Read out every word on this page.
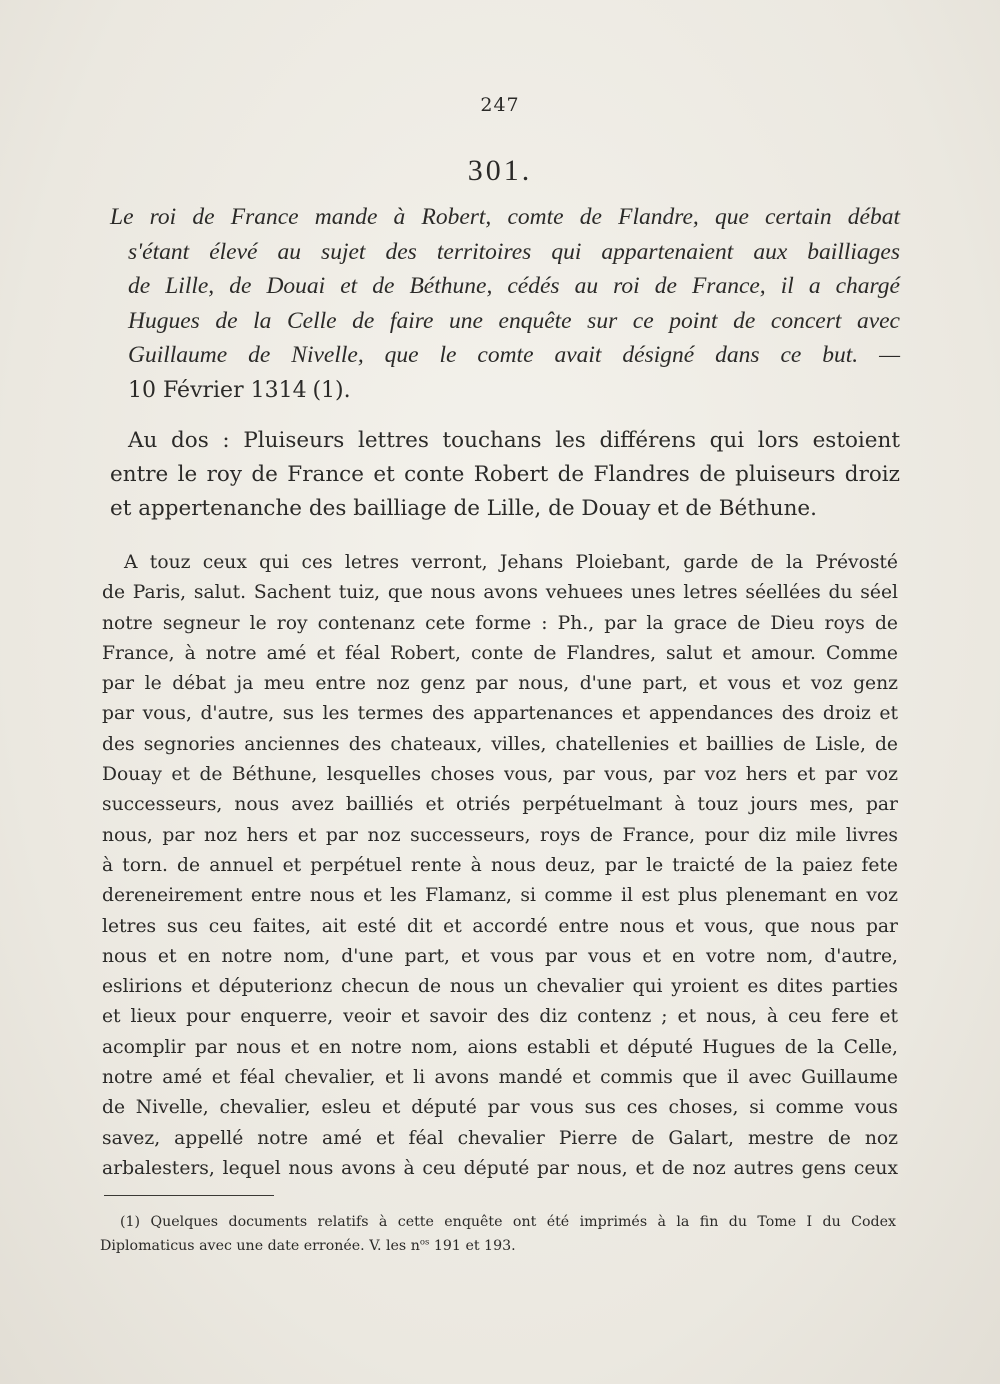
247
301.
Le roi de France mande à Robert, comte de Flandre, que certain débat
s'étant élevé au sujet des territoires qui appartenaient aux bailliages
de Lille, de Douai et de Béthune, cédés au roi de France, il a chargé
Hugues de la Celle de faire une enquête sur ce point de concert avec
Guillaume de Nivelle, que le comte avait désigné dans ce but. —
10 Février 1314 (1).
Au dos : Pluiseurs lettres touchans les différens qui lors estoient
entre le roy de France et conte Robert de Flandres de pluiseurs droiz
et appertenanche des bailliage de Lille, de Douay et de Béthune.
A touz ceux qui ces letres verront, Jehans Ploiebant, garde de la Prévosté
de Paris, salut. Sachent tuiz, que nous avons vehuees unes letres séellées du séel
notre segneur le roy contenanz cete forme : Ph., par la grace de Dieu roys de
France, à notre amé et féal Robert, conte de Flandres, salut et amour. Comme
par le débat ja meu entre noz genz par nous, d'une part, et vous et voz genz
par vous, d'autre, sus les termes des appartenances et appendances des droiz et
des segnories anciennes des chateaux, villes, chatellenies et baillies de Lisle, de
Douay et de Béthune, lesquelles choses vous, par vous, par voz hers et par voz
successeurs, nous avez bailliés et otriés perpétuelmant à touz jours mes, par
nous, par noz hers et par noz successeurs, roys de France, pour diz mile livres
à torn. de annuel et perpétuel rente à nous deuz, par le traicté de la paiez fete
dereneirement entre nous et les Flamanz, si comme il est plus plenemant en voz
letres sus ceu faites, ait esté dit et accordé entre nous et vous, que nous par
nous et en notre nom, d'une part, et vous par vous et en votre nom, d'autre,
eslirions et députerionz checun de nous un chevalier qui yroient es dites parties
et lieux pour enquerre, veoir et savoir des diz contenz ; et nous, à ceu fere et
acomplir par nous et en notre nom, aions establi et député Hugues de la Celle,
notre amé et féal chevalier, et li avons mandé et commis que il avec Guillaume
de Nivelle, chevalier, esleu et député par vous sus ces choses, si comme vous
savez, appellé notre amé et féal chevalier Pierre de Galart, mestre de noz
arbalesters, lequel nous avons à ceu député par nous, et de noz autres gens ceux
(1) Quelques documents relatifs à cette enquête ont été imprimés à la fin du Tome I du Codex
Diplomaticus avec une date erronée. V. les $n^{os}$ 191 et 193.
